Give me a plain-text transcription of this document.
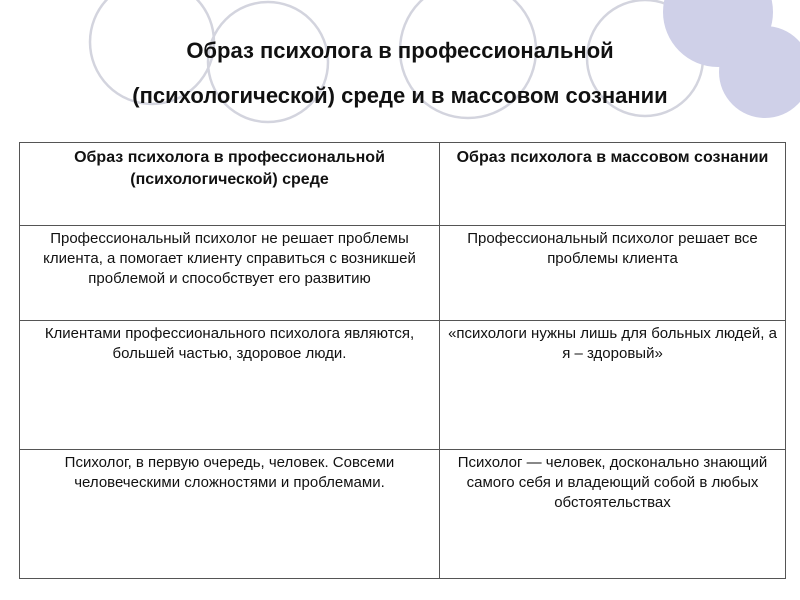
Образ психолога в профессиональной
(психологической) среде и в массовом сознании
Образ психолога в профессиональной (психологической) среде	Образ психолога в массовом сознании
Профессиональный психолог не решает проблемы клиента, а помогает клиенту справиться с возникшей проблемой и способствует его развитию	Профессиональный психолог решает все проблемы клиента
Клиентами профессионального психолога являются, большей частью, здоровое люди.	«психологи нужны лишь для больных людей, а я – здоровый»
Психолог, в первую очередь, человек. Совсеми человеческими сложностями и проблемами.	Психолог — человек, досконально знающий самого себя и владеющий собой в любых обстоятельствах
